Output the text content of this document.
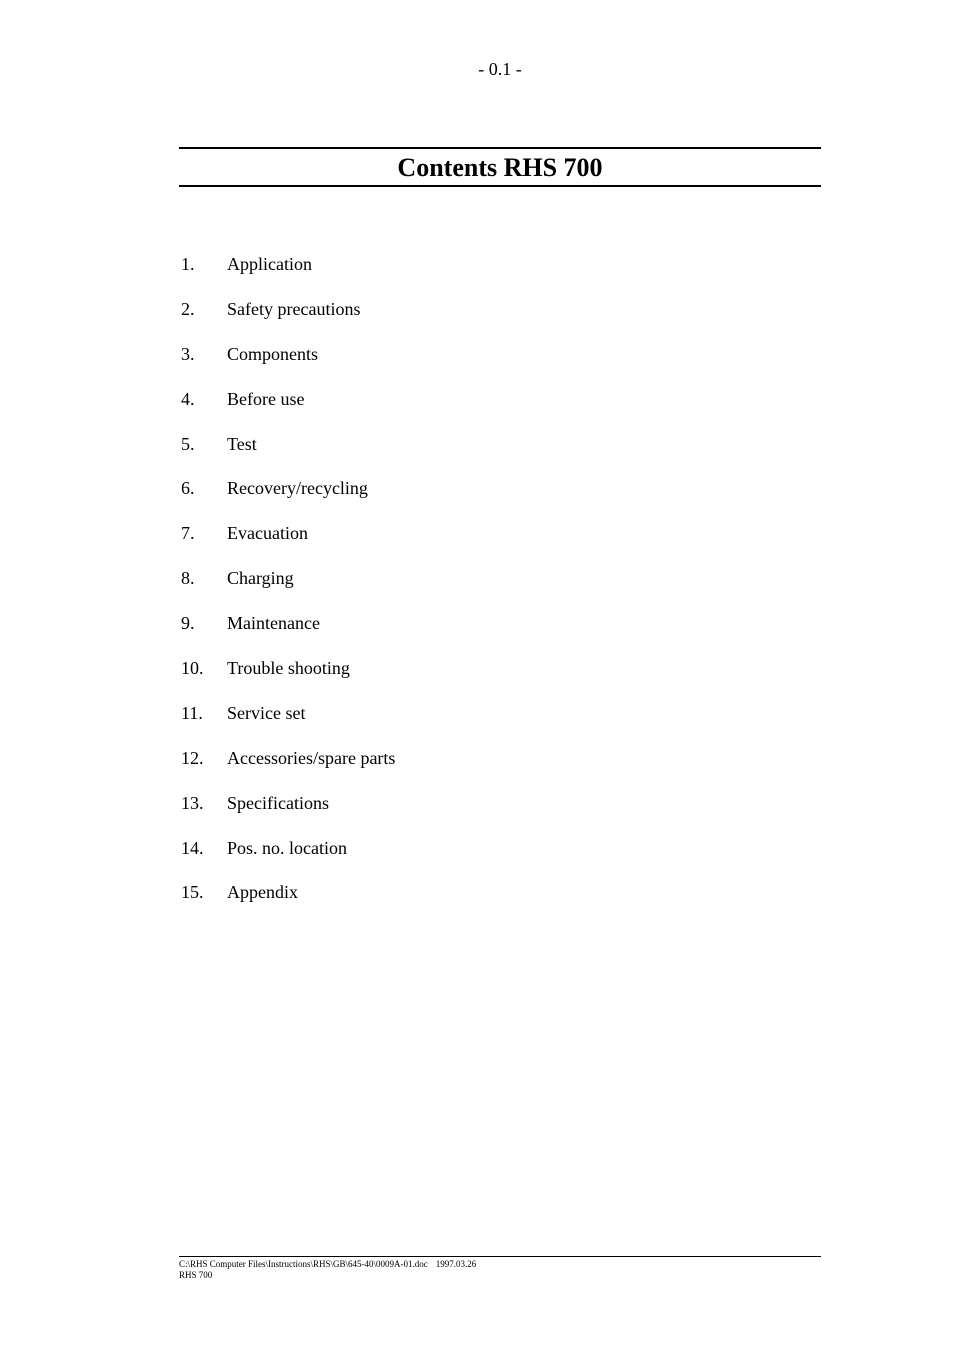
- 0.1 -
Contents RHS 700
1. Application
2. Safety precautions
3. Components
4. Before use
5. Test
6. Recovery/recycling
7. Evacuation
8. Charging
9. Maintenance
10. Trouble shooting
11. Service set
12. Accessories/spare parts
13. Specifications
14. Pos. no. location
15. Appendix
C:\RHS Computer Files\Instructions\RHS\GB\645-40\0009A-01.doc 1997.03.26
RHS 700
